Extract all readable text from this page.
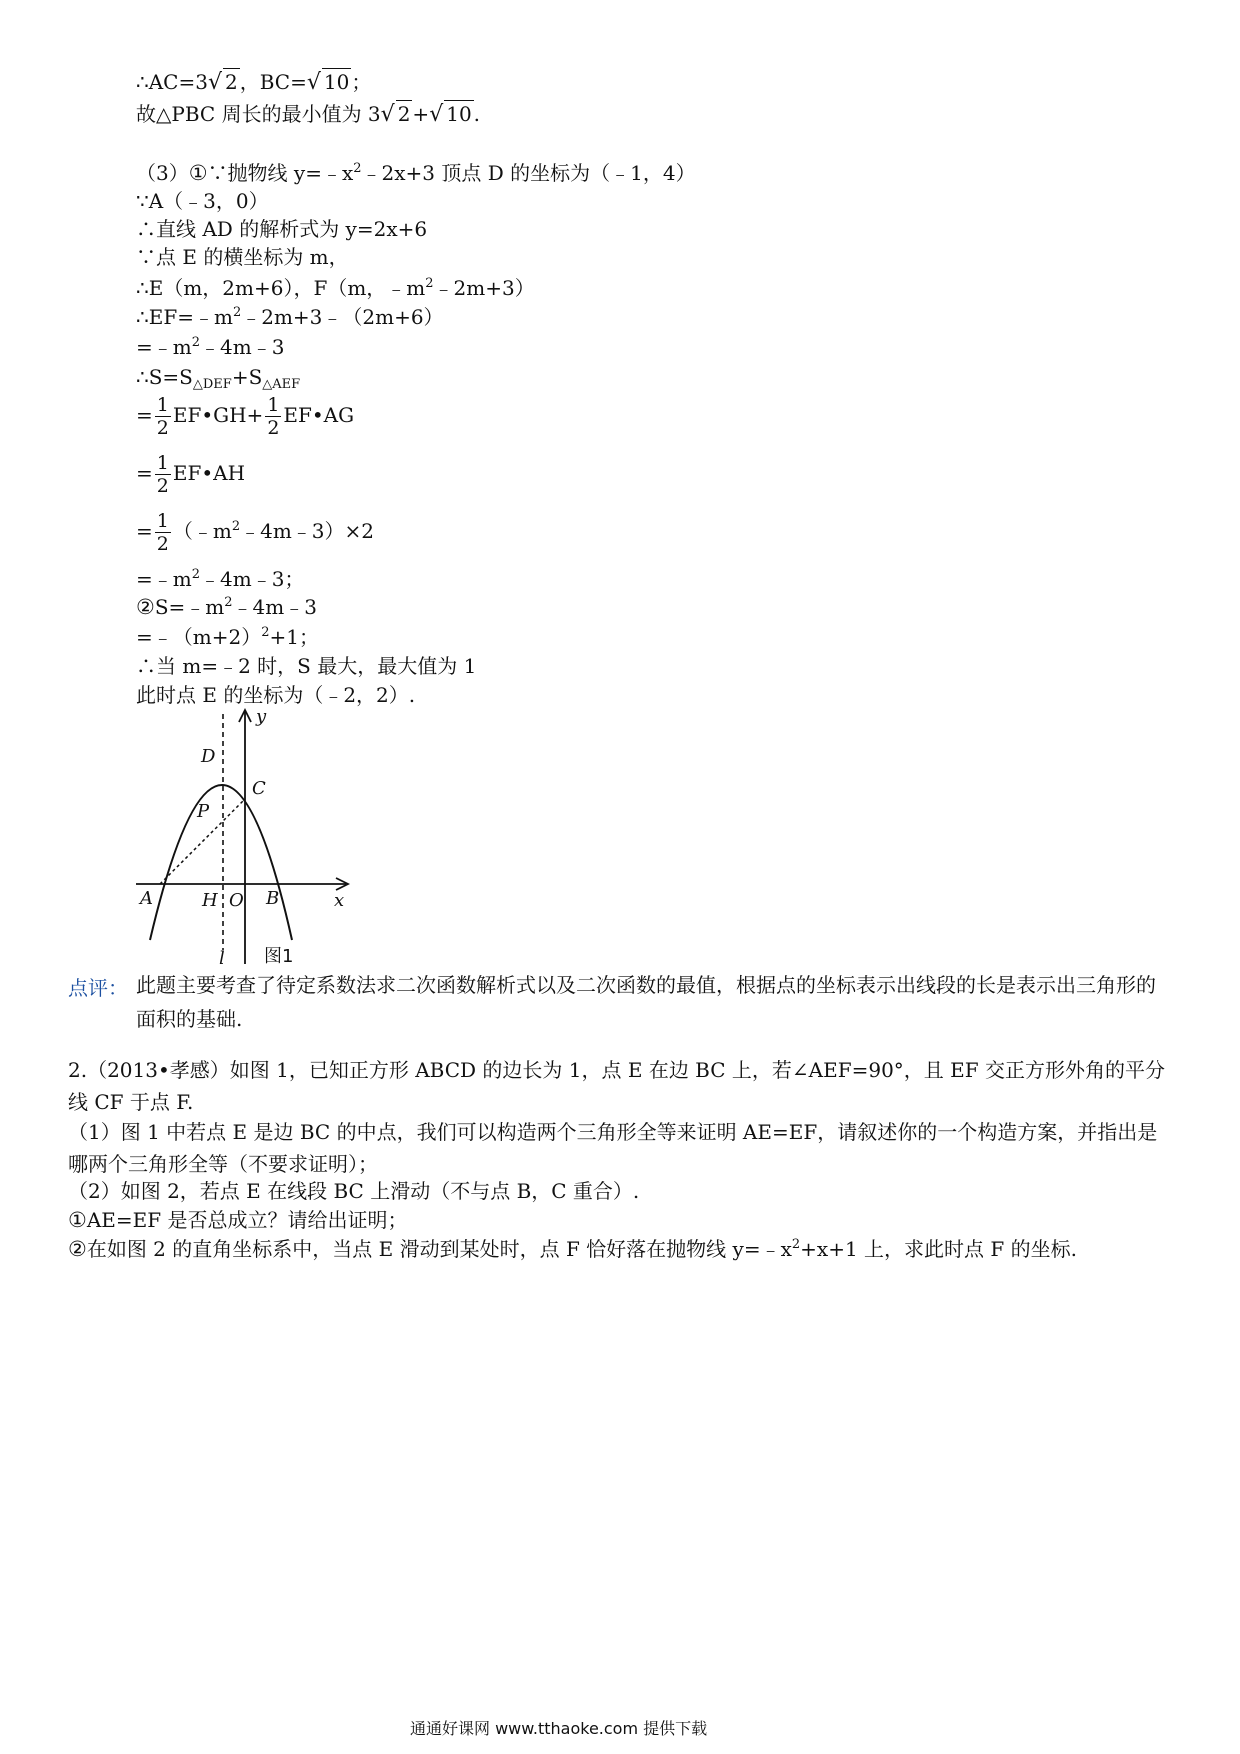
∴AC=3√ 2 ，BC=√ 10 ；
故△PBC 周长的最小值为 3√ 2 +√ 10 .
（3）①∵抛物线 $y=﹣x^2﹣2x+3$ 顶点 D 的坐标为（﹣1，4）
∵A（﹣3，0）
∴直线 AD 的解析式为 y=2x+6
∵点 E 的横坐标为 m，
∴E（m，2m+6），F（m，$﹣m^2﹣2m+3$）
$\therefore EF=﹣m^2﹣2m+3﹣(2m+6)$
$=﹣m^2﹣4m﹣3$
$\therefore S=S_{\triangle DEF}+S_{\triangle AEF}$
= $\frac{1}{2}$ EF•GH+ $\frac{1}{2}$ EF•AG
= $\frac{1}{2}$ EF•AH
= $\frac{1}{2}$ $(﹣m^2﹣4m﹣3)\times 2$
$=﹣m^2﹣4m﹣3$；
$②S=﹣m^2﹣4m﹣3$
$=﹣(m+2)^2+1$；
∴当 m=﹣2 时，S 最大，最大值为 1
此时点 E 的坐标为（﹣2，2）.
y
x
D
C
P
A	H O B
l 图1
点评： 此题主要考查了待定系数法求二次函数解析式以及二次函数的最值，根据点的坐标表示出线段的长是表示出三角形的面积的基础.
2.（2013•孝感）如图 1，已知正方形 ABCD 的边长为 1，点 E 在边 BC 上，若∠AEF=90°，且 EF 交正方形外角的平分线 CF 于点 F.
（1）图 1 中若点 E 是边 BC 的中点，我们可以构造两个三角形全等来证明 AE=EF，请叙述你的一个构造方案，并指出是哪两个三角形全等（不要求证明）；
（2）如图 2，若点 E 在线段 BC 上滑动（不与点 B，C 重合）.
①AE=EF 是否总成立？请给出证明；
②在如图 2 的直角坐标系中，当点 E 滑动到某处时，点 F 恰好落在抛物线 $y=﹣x^2+x+1$ 上，求此时点 F 的坐标.
通通好课网 www.tthaoke.com 提供下载
